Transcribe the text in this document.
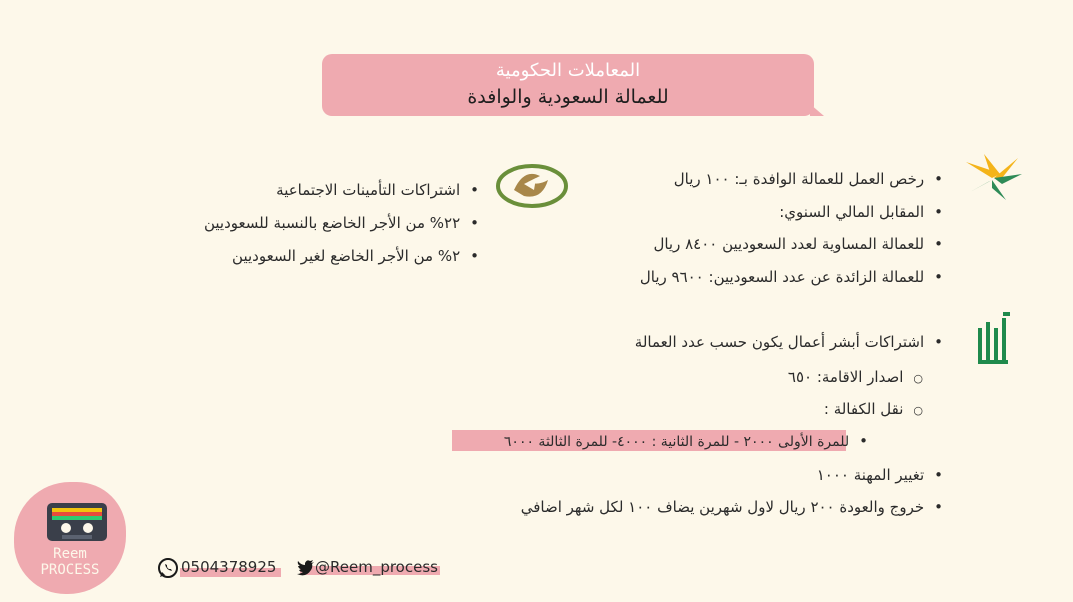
المعاملات الحكومية
للعمالة السعودية والوافدة
• رخص العمل للعمالة الوافدة بـ: ١٠٠ ريال
• المقابل المالي السنوي:
• للعمالة المساوية لعدد السعوديين ٨٤٠٠ ريال
• للعمالة الزائدة عن عدد السعوديين: ٩٦٠٠ ريال
• اشتراكات أبشر أعمال يكون حسب عدد العمالة
○ اصدار الاقامة: ٦٥٠
○ نقل الكفالة :
• للمرة الأولى ٢٠٠٠ - للمرة الثانية : ٤٠٠٠- للمرة الثالثة ٦٠٠٠
• تغيير المهنة ١٠٠٠
• خروج والعودة ٢٠٠ ريال لاول شهرين يضاف ١٠٠ لكل شهر اضافي
• اشتراكات التأمينات الاجتماعية
• ٢٢% من الأجر الخاضع بالنسبة للسعوديين
• ٢% من الأجر الخاضع لغير السعوديين
Reem
PROCESS	0504378925	@Reem_process
